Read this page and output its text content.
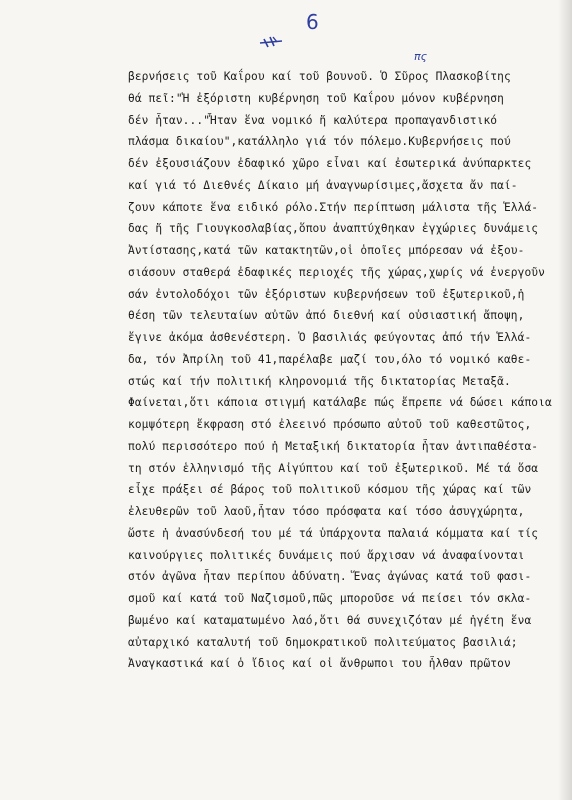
6
πς
βερνήσεις τοῦ Καΐρου καί τοῦ βουνοῦ. Ὁ Σῦρος Πλασκοβίτης
θά πεῖ:"Ἡ ἐξόριστη κυβέρνηση τοῦ Καΐρου μόνον κυβέρνηση
δέν ἦταν..."Ἦταν ἕνα νομικό ἤ καλύτερα προπαγανδιστικό
πλάσμα δικαίου",κατάλληλο γιά τόν πόλεμο.Κυβερνήσεις πού
δέν ἐξουσιάζουν ἐδαφικό χῶρο εἶναι καί ἐσωτερικά ἀνύπαρκτες
καί γιά τό Διεθνές Δίκαιο μή ἀναγνωρίσιμες,ἄσχετα ἄν παί-
ζουν κάποτε ἕνα ειδικό ρόλο.Στήν περίπτωση μάλιστα τῆς Ἑλλά-
δας ἤ τῆς Γιουγκοσλαβίας,ὅπου ἀναπτύχθηκαν ἐγχώριες δυνάμεις
Ἀντίστασης,κατά τῶν κατακτητῶν,οἱ ὁποῖες μπόρεσαν νά ἐξου-
σιάσουν σταθερά ἐδαφικές περιοχές τῆς χώρας,χωρίς νά ἐνεργοῦν
σάν ἐντολοδόχοι τῶν ἐξόριστων κυβερνήσεων τοῦ ἐξωτερικοῦ,ἡ
θέση τῶν τελευταίων αὐτῶν ἀπό διεθνή καί οὐσιαστική ἄποψη,
ἔγινε ἀκόμα ἀσθενέστερη. Ὁ βασιλιάς φεύγοντας ἀπό τήν Ἑλλά-
δα, τόν Ἀπρίλη τοῦ 41,παρέλαβε μαζί του,όλο τό νομικό καθε-
στώς καί τήν πολιτική κληρονομιά τῆς δικτατορίας Μεταξᾶ.
Φαίνεται,ὅτι κάποια στιγμή κατάλαβε πώς ἔπρεπε νά δώσει κάποια
κομψότερη ἔκφραση στό ἐλεεινό πρόσωπο αὐτοῦ τοῦ καθεστῶτος,
πολύ περισσότερο πού ἡ Μεταξική δικτατορία ἦταν ἀντιπαθέστα-
τη στόν ἑλληνισμό τῆς Αἰγύπτου καί τοῦ ἐξωτερικοῦ. Μέ τά ὅσα
εἶχε πράξει σέ βάρος τοῦ πολιτικοῦ κόσμου τῆς χώρας καί τῶν
ἐλευθερῶν τοῦ λαοῦ,ἦταν τόσο πρόσφατα καί τόσο ἀσυγχώρητα,
ὥστε ἡ ἀνασύνδεσή του μέ τά ὑπάρχοντα παλαιά κόμματα καί τίς
καινούργιες πολιτικές δυνάμεις πού ἄρχισαν νά ἀναφαίνονται
στόν ἀγῶνα ἦταν περίπου ἀδύνατη. Ἕνας ἀγώνας κατά τοῦ φασι-
σμοῦ καί κατά τοῦ Ναζισμοῦ,πῶς μποροῦσε νά πείσει τόν σκλα-
βωμένο καί καταματωμένο λαό,ὅτι θά συνεχιζόταν μέ ἡγέτη ἕνα
αὐταρχικό καταλυτή τοῦ δημοκρατικοῦ πολιτεύματος βασιλιά;
Ἀναγκαστικά καί ὁ ἴδιος καί οἱ ἄνθρωποι του ἦλθαν πρῶτον
